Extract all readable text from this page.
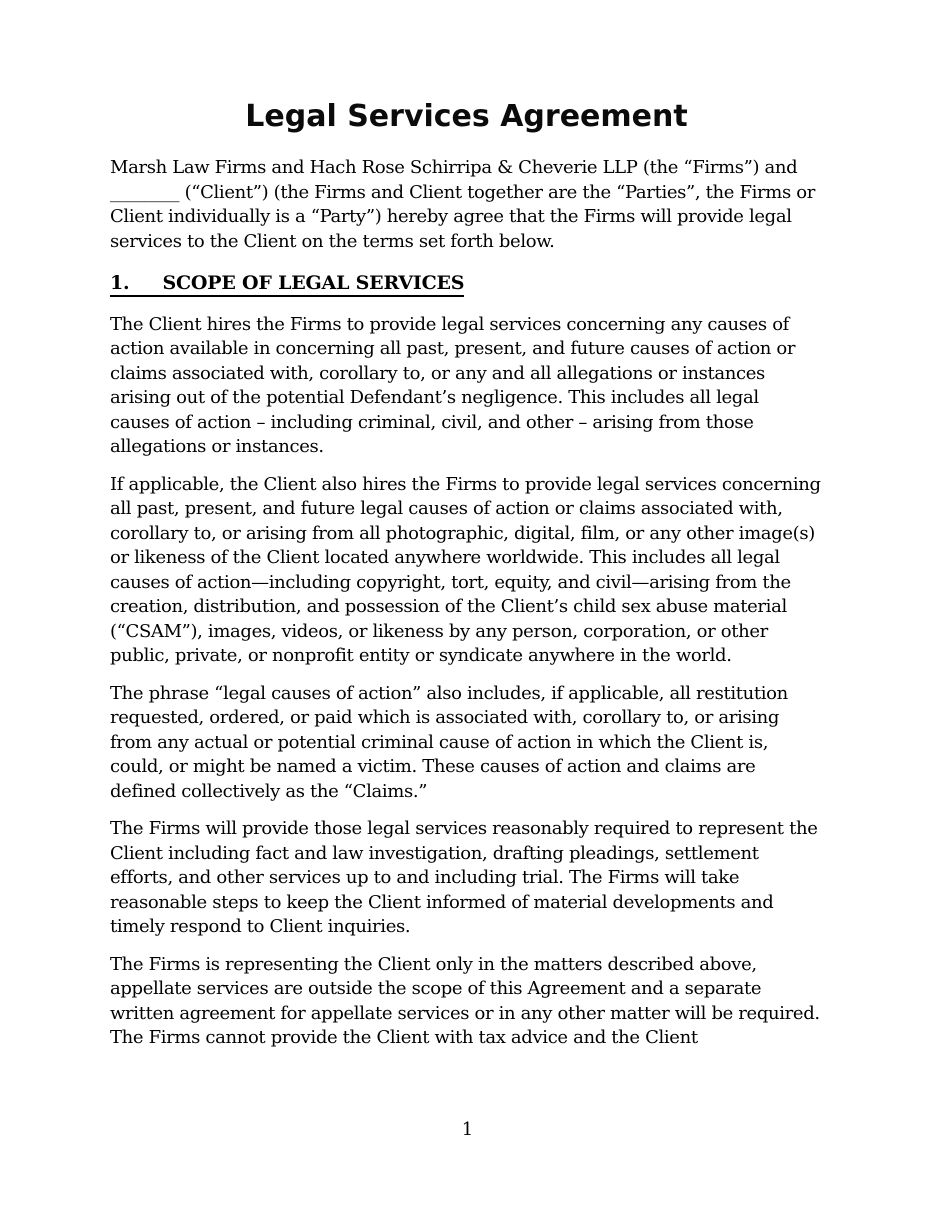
Legal Services Agreement

Marsh Law Firms and Hach Rose Schirripa & Cheverie LLP (the “Firms”) and ________ (“Client”) (the Firms and Client together are the “Parties”, the Firms or Client individually is a “Party”) hereby agree that the Firms will provide legal services to the Client on the terms set forth below.

1. SCOPE OF LEGAL SERVICES

The Client hires the Firms to provide legal services concerning any causes of action available in concerning all past, present, and future causes of action or claims associated with, corollary to, or any and all allegations or instances arising out of the potential Defendant’s negligence. This includes all legal causes of action – including criminal, civil, and other – arising from those allegations or instances.

If applicable, the Client also hires the Firms to provide legal services concerning all past, present, and future legal causes of action or claims associated with, corollary to, or arising from all photographic, digital, film, or any other image(s) or likeness of the Client located anywhere worldwide. This includes all legal causes of action—including copyright, tort, equity, and civil—arising from the creation, distribution, and possession of the Client’s child sex abuse material (“CSAM”), images, videos, or likeness by any person, corporation, or other public, private, or nonprofit entity or syndicate anywhere in the world.

The phrase “legal causes of action” also includes, if applicable, all restitution requested, ordered, or paid which is associated with, corollary to, or arising from any actual or potential criminal cause of action in which the Client is, could, or might be named a victim. These causes of action and claims are defined collectively as the “Claims.”

The Firms will provide those legal services reasonably required to represent the Client including fact and law investigation, drafting pleadings, settlement efforts, and other services up to and including trial. The Firms will take reasonable steps to keep the Client informed of material developments and timely respond to Client inquiries.

The Firms is representing the Client only in the matters described above, appellate services are outside the scope of this Agreement and a separate written agreement for appellate services or in any other matter will be required. The Firms cannot provide the Client with tax advice and the Client

1
